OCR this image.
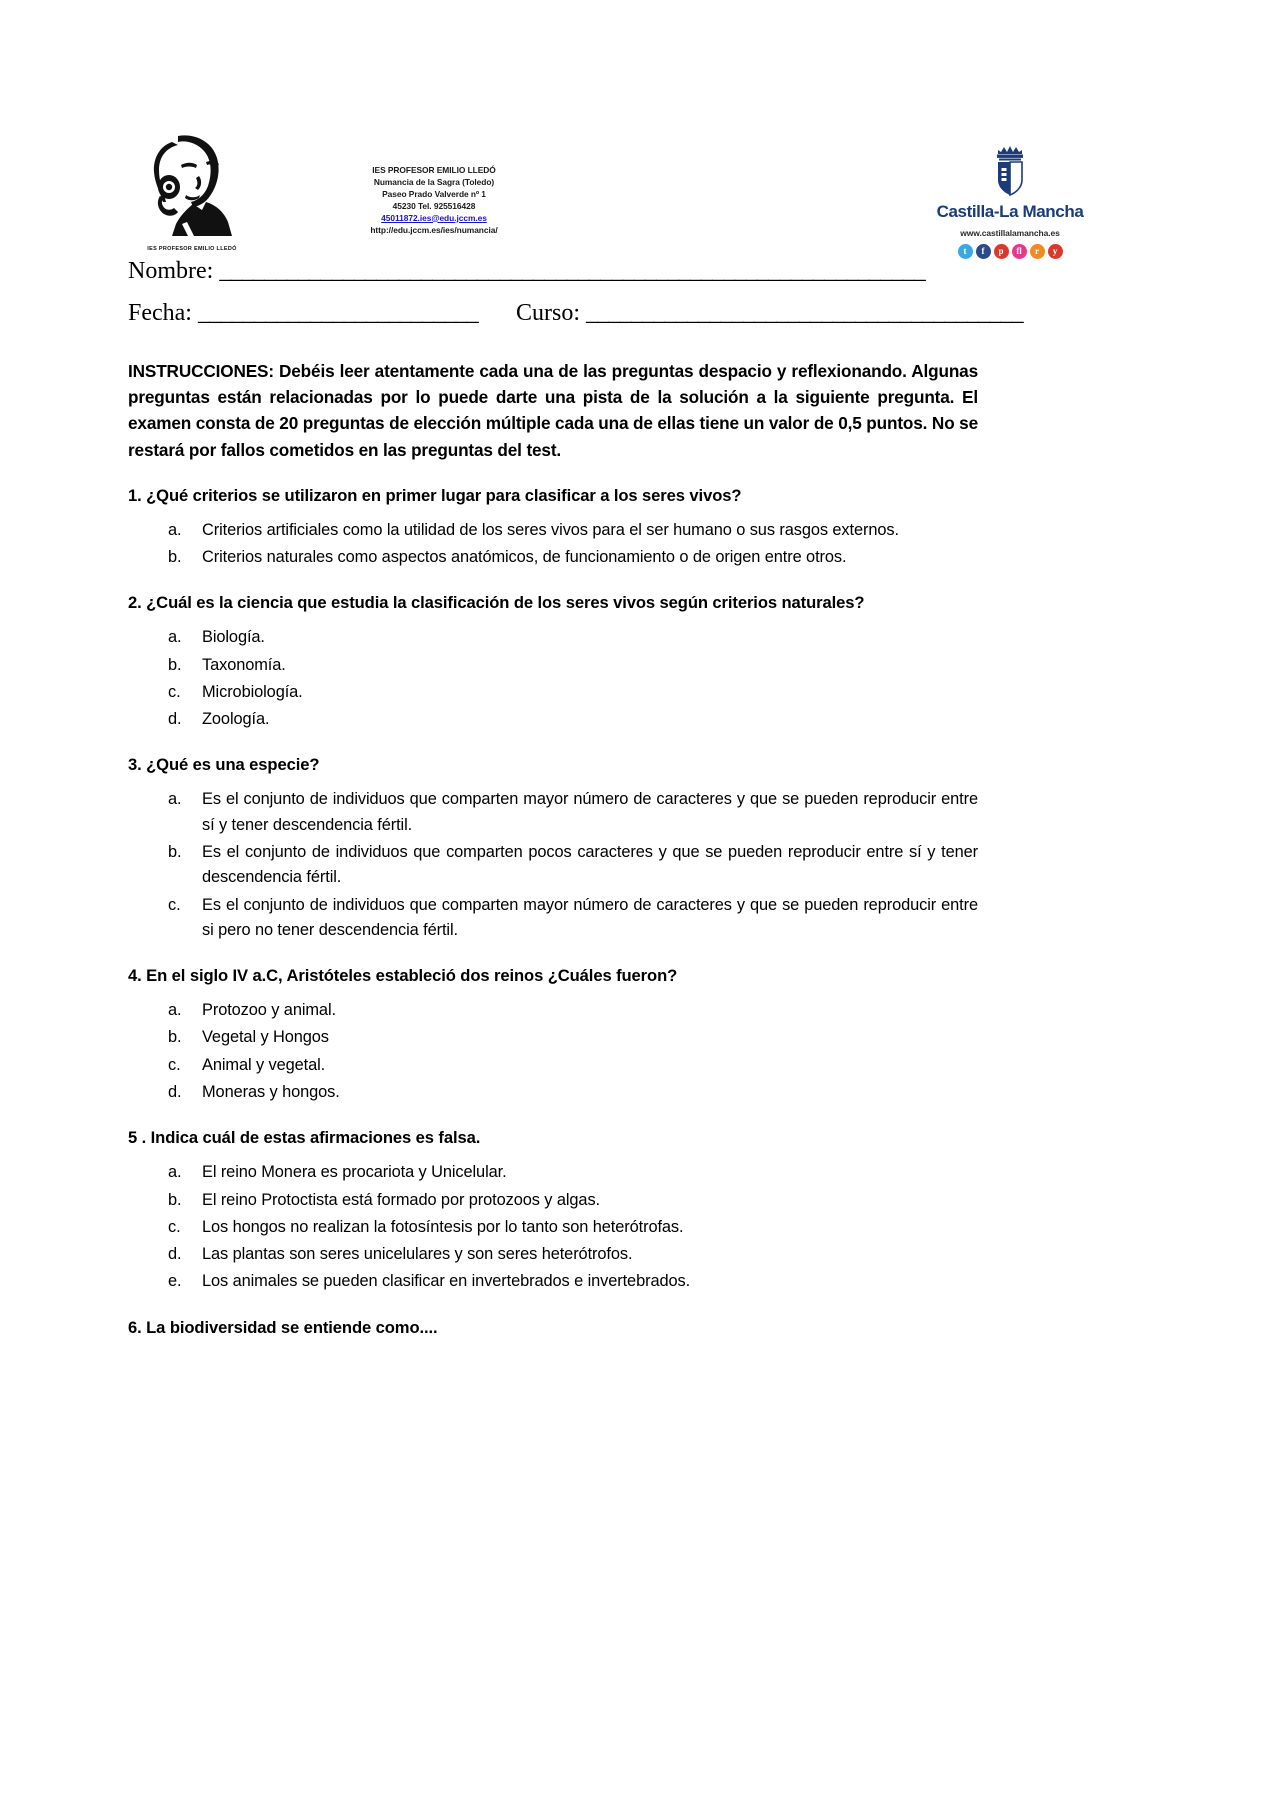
IES PROFESOR EMILIO LLEDÓ
IES PROFESOR EMILIO LLEDÓ
Numancia de la Sagra (Toledo)
Paseo Prado Valverde nº 1
45230 Tel. 925516428
45011872.ies@edu.jccm.es
http://edu.jccm.es/ies/numancia/
Castilla-La Mancha
www.castillalamancha.es
t	f	p	fl	r	y
Nombre: _______________________________________________________________
Fecha: _________________________ Curso: _______________________________________

INSTRUCCIONES: Debéis leer atentamente cada una de las preguntas despacio y reflexionando. Algunas preguntas están relacionadas por lo puede darte una pista de la solución a la siguiente pregunta. El examen consta de 20 preguntas de elección múltiple cada una de ellas tiene un valor de 0,5 puntos. No se restará por fallos cometidos en las preguntas del test.

1. ¿Qué criterios se utilizaron en primer lugar para clasificar a los seres vivos?
a.	Criterios artificiales como la utilidad de los seres vivos para el ser humano o sus rasgos externos.
b.	Criterios naturales como aspectos anatómicos, de funcionamiento o de origen entre otros.
2. ¿Cuál es la ciencia que estudia la clasificación de los seres vivos según criterios naturales?
a.	Biología.
b.	Taxonomía.
c.	Microbiología.
d.	Zoología.
3. ¿Qué es una especie?
a.	Es el conjunto de individuos que comparten mayor número de caracteres y que se pueden reproducir entre sí y tener descendencia fértil.
b.	Es el conjunto de individuos que comparten pocos caracteres y que se pueden reproducir entre sí y tener descendencia fértil.
c.	Es el conjunto de individuos que comparten mayor número de caracteres y que se pueden reproducir entre si pero no tener descendencia fértil.
4. En el siglo IV a.C, Aristóteles estableció dos reinos ¿Cuáles fueron?
a.	Protozoo y animal.
b.	Vegetal y Hongos
c.	Animal y vegetal.
d.	Moneras y hongos.
5 . Indica cuál de estas afirmaciones es falsa.
a.	El reino Monera es procariota y Unicelular.
b.	El reino Protoctista está formado por protozoos y algas.
c.	Los hongos no realizan la fotosíntesis por lo tanto son heterótrofas.
d.	Las plantas son seres unicelulares y son seres heterótrofos.
e.	Los animales se pueden clasificar en invertebrados e invertebrados.
6. La biodiversidad se entiende como....
